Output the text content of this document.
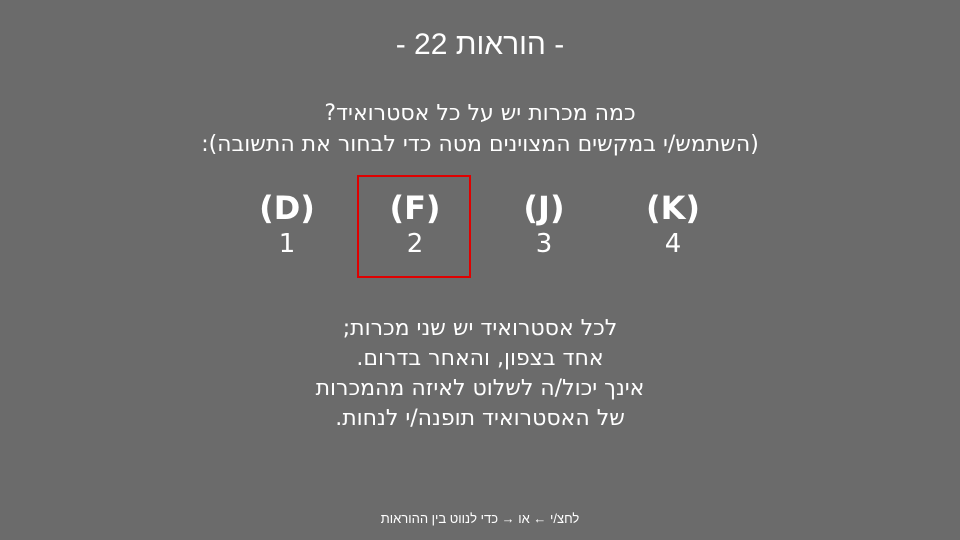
- הוראות 22 -
כמה מכרות יש על כל אסטרואיד?
(השתמש/י במקשים המצוינים מטה כדי לבחור את התשובה):
(D)
1
(F)
2
(J)
3
(K)
4
לכל אסטרואיד יש שני מכרות;
אחד בצפון, והאחר בדרום.
אינך יכול/ה לשלוט לאיזה מהמכרות
של האסטרואיד תופנה/י לנחות.
לחצ/י ← או → כדי לנווט בין ההוראות
